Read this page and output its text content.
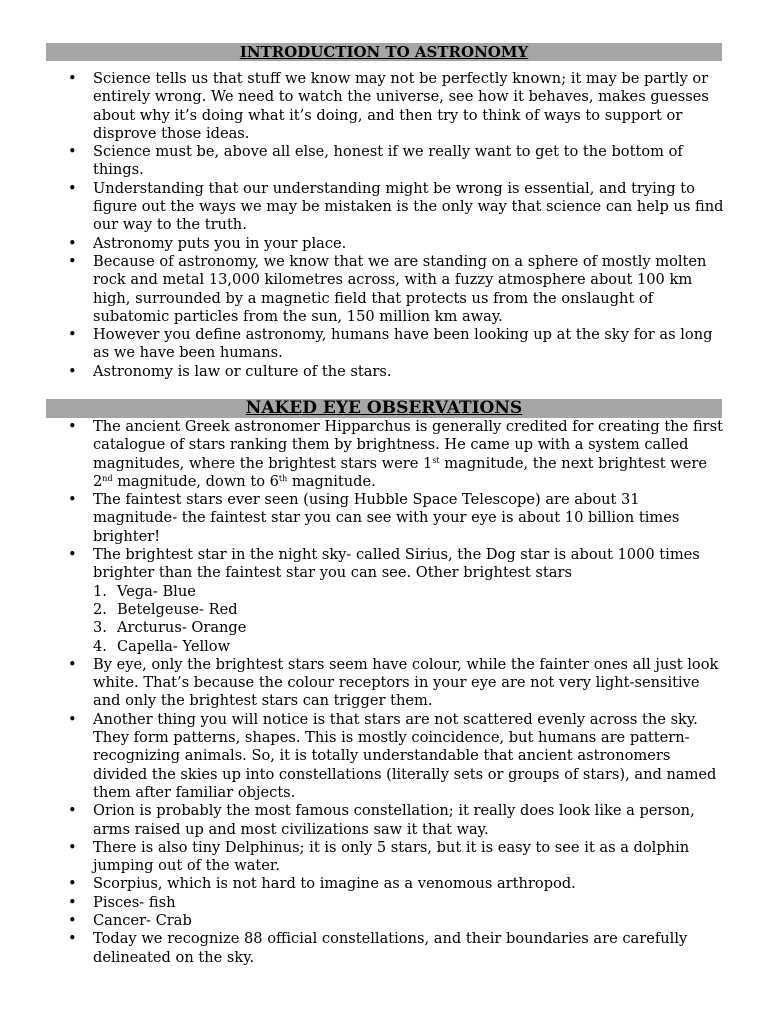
INTRODUCTION TO ASTRONOMY
• Science tells us that stuff we know may not be perfectly known; it may be partly or entirely wrong. We need to watch the universe, see how it behaves, makes guesses about why it’s doing what it’s doing, and then try to think of ways to support or disprove those ideas.
• Science must be, above all else, honest if we really want to get to the bottom of things.
• Understanding that our understanding might be wrong is essential, and trying to figure out the ways we may be mistaken is the only way that science can help us find our way to the truth.
• Astronomy puts you in your place.
• Because of astronomy, we know that we are standing on a sphere of mostly molten rock and metal 13,000 kilometres across, with a fuzzy atmosphere about 100 km high, surrounded by a magnetic field that protects us from the onslaught of subatomic particles from the sun, 150 million km away.
• However you define astronomy, humans have been looking up at the sky for as long as we have been humans.
• Astronomy is law or culture of the stars.
NAKED EYE OBSERVATIONS
• The ancient Greek astronomer Hipparchus is generally credited for creating the first catalogue of stars ranking them by brightness. He came up with a system called magnitudes, where the brightest stars were 1st magnitude, the next brightest were 2nd magnitude, down to 6th magnitude.
• The faintest stars ever seen (using Hubble Space Telescope) are about 31 magnitude- the faintest star you can see with your eye is about 10 billion times brighter!
• The brightest star in the night sky- called Sirius, the Dog star is about 1000 times brighter than the faintest star you can see. Other brightest stars
1. Vega- Blue
2. Betelgeuse- Red
3. Arcturus- Orange
4. Capella- Yellow
• By eye, only the brightest stars seem have colour, while the fainter ones all just look white. That’s because the colour receptors in your eye are not very light-sensitive and only the brightest stars can trigger them.
• Another thing you will notice is that stars are not scattered evenly across the sky. They form patterns, shapes. This is mostly coincidence, but humans are pattern-recognizing animals. So, it is totally understandable that ancient astronomers divided the skies up into constellations (literally sets or groups of stars), and named them after familiar objects.
• Orion is probably the most famous constellation; it really does look like a person, arms raised up and most civilizations saw it that way.
• There is also tiny Delphinus; it is only 5 stars, but it is easy to see it as a dolphin jumping out of the water.
• Scorpius, which is not hard to imagine as a venomous arthropod.
• Pisces- fish
• Cancer- Crab
• Today we recognize 88 official constellations, and their boundaries are carefully delineated on the sky.
